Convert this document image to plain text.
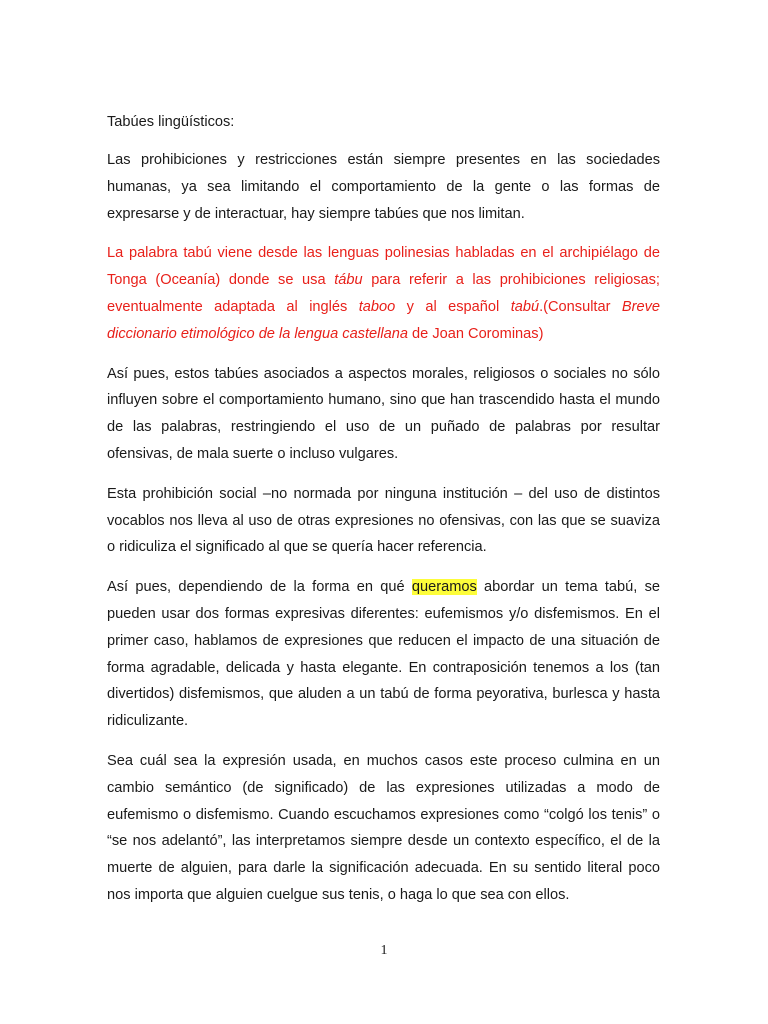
Tabúes lingüísticos:

Las prohibiciones y restricciones están siempre presentes en las sociedades humanas, ya sea limitando el comportamiento de la gente o las formas de expresarse y de interactuar, hay siempre tabúes que nos limitan.

La palabra tabú viene desde las lenguas polinesias habladas en el archipiélago de Tonga (Oceanía) donde se usa tábu para referir a las prohibiciones religiosas; eventualmente adaptada al inglés taboo y al español tabú.(Consultar Breve diccionario etimológico de la lengua castellana de Joan Corominas)

Así pues, estos tabúes asociados a aspectos morales, religiosos o sociales no sólo influyen sobre el comportamiento humano, sino que han trascendido hasta el mundo de las palabras, restringiendo el uso de un puñado de palabras por resultar ofensivas, de mala suerte o incluso vulgares.

Esta prohibición social –no normada por ninguna institución – del uso de distintos vocablos nos lleva al uso de otras expresiones no ofensivas, con las que se suaviza o ridiculiza el significado al que se quería hacer referencia.

Así pues, dependiendo de la forma en qué queramos abordar un tema tabú, se pueden usar dos formas expresivas diferentes: eufemismos y/o disfemismos. En el primer caso, hablamos de expresiones que reducen el impacto de una situación de forma agradable, delicada y hasta elegante. En contraposición tenemos a los (tan divertidos) disfemismos, que aluden a un tabú de forma peyorativa, burlesca y hasta ridiculizante.

Sea cuál sea la expresión usada, en muchos casos este proceso culmina en un cambio semántico (de significado) de las expresiones utilizadas a modo de eufemismo o disfemismo. Cuando escuchamos expresiones como “colgó los tenis” o “se nos adelantó”, las interpretamos siempre desde un contexto específico, el de la muerte de alguien, para darle la significación adecuada. En su sentido literal poco nos importa que alguien cuelgue sus tenis, o haga lo que sea con ellos.

1
